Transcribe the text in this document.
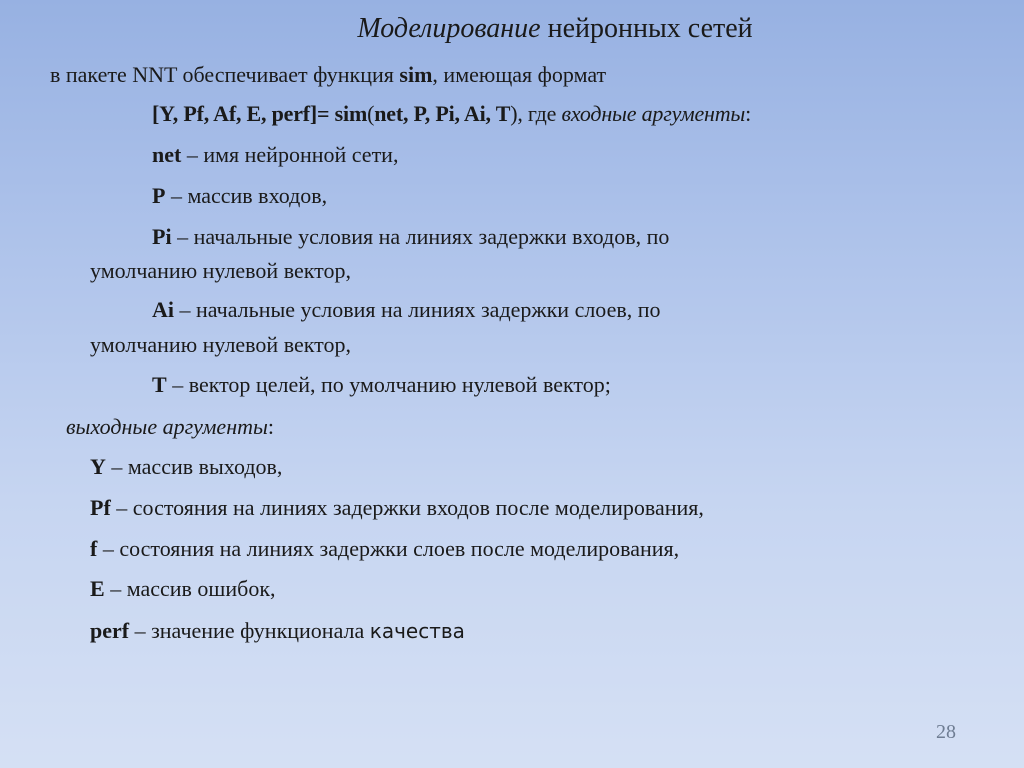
Моделирование нейронных сетей
в пакете NNT обеспечивает функция sim, имеющая формат
[Y, Pf, Af, E, perf]= sim(net, P, Pi, Ai, T), где входные аргументы:
net – имя нейронной сети,
P – массив входов,
Pi – начальные условия на линиях задержки входов, по
умолчанию нулевой вектор,
Ai – начальные условия на линиях задержки слоев, по
умолчанию нулевой вектор,
T – вектор целей, по умолчанию нулевой вектор;
выходные аргументы:
Y – массив выходов,
Pf – состояния на линиях задержки входов после моделирования,
f – состояния на линиях задержки слоев после моделирования,
E – массив ошибок,
perf – значение функционала качества
28
